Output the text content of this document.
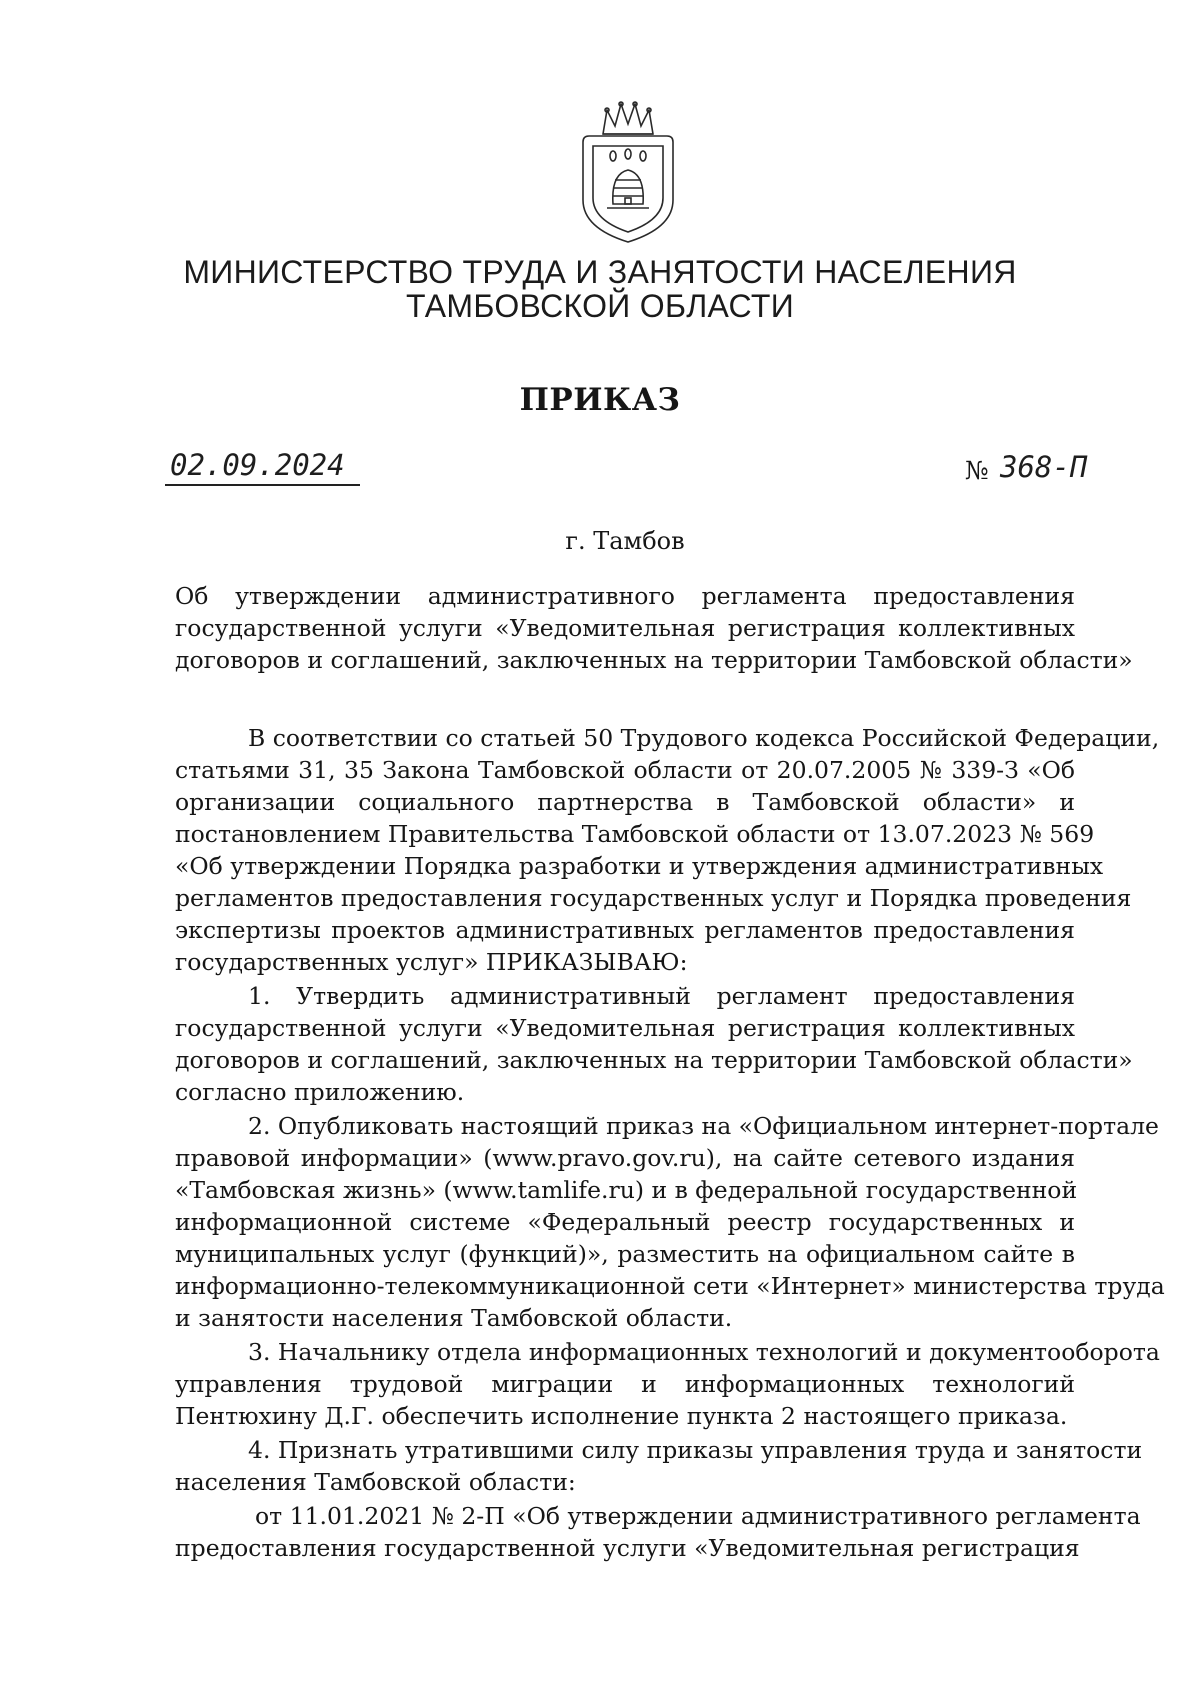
МИНИСТЕРСТВО ТРУДА И ЗАНЯТОСТИ НАСЕЛЕНИЯ
ТАМБОВСКОЙ ОБЛАСТИ
ПРИКАЗ
02.09.2024	№ 368-П
г. Тамбов
Об утверждении административного регламента предоставления
государственной услуги «Уведомительная регистрация коллективных
договоров и соглашений, заключенных на территории Тамбовской области»
В соответствии со статьей 50 Трудового кодекса Российской Федерации,
статьями 31, 35 Закона Тамбовской области от 20.07.2005 № 339-З «Об
организации социального партнерства в Тамбовской области» и
постановлением Правительства Тамбовской области от 13.07.2023 № 569
«Об утверждении Порядка разработки и утверждения административных
регламентов предоставления государственных услуг и Порядка проведения
экспертизы проектов административных регламентов предоставления
государственных услуг» ПРИКАЗЫВАЮ:
1. Утвердить административный регламент предоставления
государственной услуги «Уведомительная регистрация коллективных
договоров и соглашений, заключенных на территории Тамбовской области»
согласно приложению.
2. Опубликовать настоящий приказ на «Официальном интернет-портале
правовой информации» (www.pravo.gov.ru), на сайте сетевого издания
«Тамбовская жизнь» (www.tamlife.ru) и в федеральной государственной
информационной системе «Федеральный реестр государственных и
муниципальных услуг (функций)», разместить на официальном сайте в
информационно-телекоммуникационной сети «Интернет» министерства труда
и занятости населения Тамбовской области.
3. Начальнику отдела информационных технологий и документооборота
управления трудовой миграции и информационных технологий
Пентюхину Д.Г. обеспечить исполнение пункта 2 настоящего приказа.
4. Признать утратившими силу приказы управления труда и занятости
населения Тамбовской области:
от 11.01.2021 № 2-П «Об утверждении административного регламента
предоставления государственной услуги «Уведомительная регистрация
